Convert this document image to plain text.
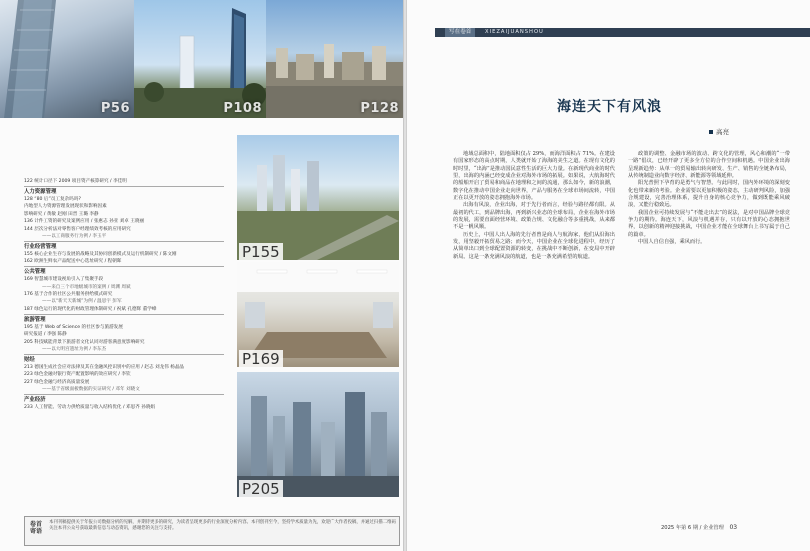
P56	P108	P128
122 统计口径下 2009 项目资产核算研究 / 李佳明
人力资源管理
128 “80 后”员工复杂吗吗?
内地型人力资源管理发展现状和影响因素
影响研究 / 黄敏 赵刚 田晋 王璐 李静
136 计件工资的研究及案例应用 / 张惠志 孙亚 刘卓 王晓丽
144 层次分析法对零售客户经理绩效考核的应用研究
——以工商服务行为例 / 李玉平
行业经营管理
155 核心企业生存与发展的战略及其协同创新模式及运行机制研究 / 陈文刚
162 欧洲生鲜农产品配送中心选址研究 / 程朝晖
公共管理
169 智慧城市建设视角引入了集聚手段
——来自三个市地级城市的案例 / 周渊 周斌
176 基于合作的社区公共服务供给模式研究
——以“新天天新城”为例 / 温思宇 彭军
187 绿色运行的现代化的财政管理体制研究 / 祝斌 孔德辉 董学峰
旅游管理
195 基于 Web of Science 的社区参与旅游发展
研究报道 / 李强 陈静
205 科技赋能背景下旅游者文化认同对游客满意度影响研究
——以大明宫遗址为例 / 李东杰
财经
213 德国生成社会应对法律及其在金融风控识别中的应用 / 赵志 刘龙伟 杨晶晶
223 绿色金融对银行资产配置影响的效应研究 / 李钦
227 绿色金融与经济高质量发展
——基于省级面板数据的实证研究 / 邓年 刘晓文
产业经济
233 人工智能、劳动力供给质量与收入结构优化 / 邓思齐 孙晓娟
P155
P169
P205
卷首寄语
本刊刊稿提供关于年报公司数据分析的见解，并期待更多的研究，为读者呈现更多的行业深度分析内容。本刊创刊至今，坚持学术质量为先，欢迎广大作者投稿，并通过扫描二维码关注本刊公众号获取最新信息与动态资讯，感谢您的关注与支持。
写在卷首	XIEZAIJUANSHOU
海连天下有风浪
高亮

地域总面积中，陆地面积仅占 29%，而海洋面积占 71%。在建设有国家形态的高点时期，人类就开始了海海的美生之道。在现有文化的时时里，“出海”是推动国民意性生活的巨大力量。在新现代商业的时代里，出海的内涵已经变成企业对海外市场的拓展。如果说，大航海时代的船舶开启了贸易和商品在地理和之间的流通，那么如今，新的浪潮，数字化在推动中国企业走向世界，产品与服务在全球市场间流转，中国正在以更开放的姿态拥抱海外市场。

出海有风浪，企业出海，对于先行者而言，经验与路径都有限。从最初的代工，到品牌出海，再到新兴业态的全球布局，企业在海外市场的发展，需要直面经营环境、政策合规、文化融合等多重挑战，从来都不是一帆风顺。

历史上，中国人出人海的先行者曾是商人与航海家，他们从沿海出发，用坚毅开拓贸易之路；而今天，中国企业在全球化进程中，经历了从简单出口到全球配置资源的转变，在挑战中不断创新，在变局中开辟新局。这是一条充满风浪的航道，也是一条充满希望的航道。

政策的调整、金融市场的波动、跨文化的管理，风心和潮的“一带一路”倡议，已经开辟了更多全方位的合作空间和机遇。中国企业出海呈现新趋势：从单一的贸易输出转向研发、生产、销售的全链条布局，从传统制造业向数字经济、新能源等领域延伸。

阳光普照下孕育的是勇气与智慧。与此同时，国内外环境的深刻变化也带来新的考验。企业需要以更加积极的姿态，主动研判风险，加强合规建设，完善治理体系，提升自身的核心竞争力，做到既能乘风破浪，又能行稳致远。

我国企业可持续发展与“不能走出去”的说法，是对中国品牌全球竞争力的期待。海连天下，风浪与机遇并存，只有以开放的心态拥抱世界，以创新的精神迎接挑战，中国企业才能在全球舞台上书写属于自己的篇章。

中国人自信自强，乘风而行。

2025 年第 6 期 / 企业管理 03
